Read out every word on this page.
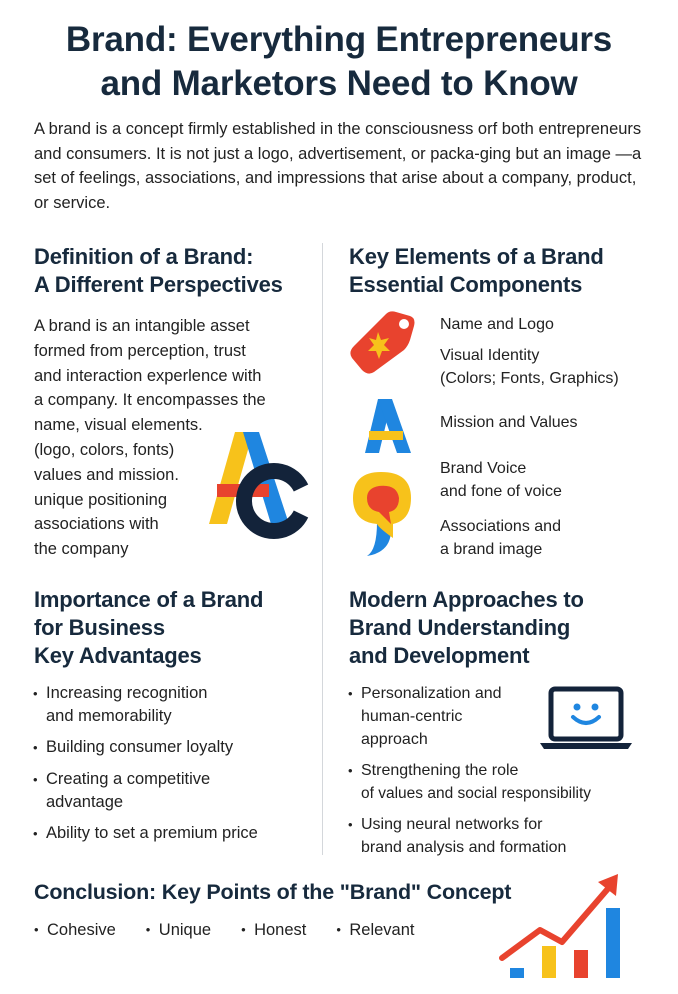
Brand: Everything Entrepreneurs
and Marketors Need to Know

A brand is a concept firmly established in the consciousness orf both entrepreneurs and consumers. It is not just a logo, advertisement, or packa-ging but an image —a set of feelings, associations, and impressions that arise about a company, product, or service.

Definition of a Brand:
A Different Perspectives
A brand is an intangible asset
formed from perception, trust
and interaction experlence with
a company. It encompasses the
name, visual elements.
(logo, colors, fonts)
values and mission.
unique positioning
associations with
the company
Key Elements of a Brand
Essential Components
Name and Logo
Visual Identity
(Colors; Fonts, Graphics)
Mission and Values
Brand Voice
and fone of voice
Associations and
a brand image
Importance of a Brand
for Business
Key Advantages
• Increasing recognition
and memorability
• Building consumer loyalty
• Creating a competitive
advantage
• Ability to set a premium price
Modern Approaches to
Brand Understanding
and Development
• Personalization and
human-centric
approach
• Strengthening the role
of values and social responsibility
• Using neural networks for
brand analysis and formation
Conclusion: Key Points of the "Brand" Concept
• Cohesive	• Unique	• Honest	• Relevant
